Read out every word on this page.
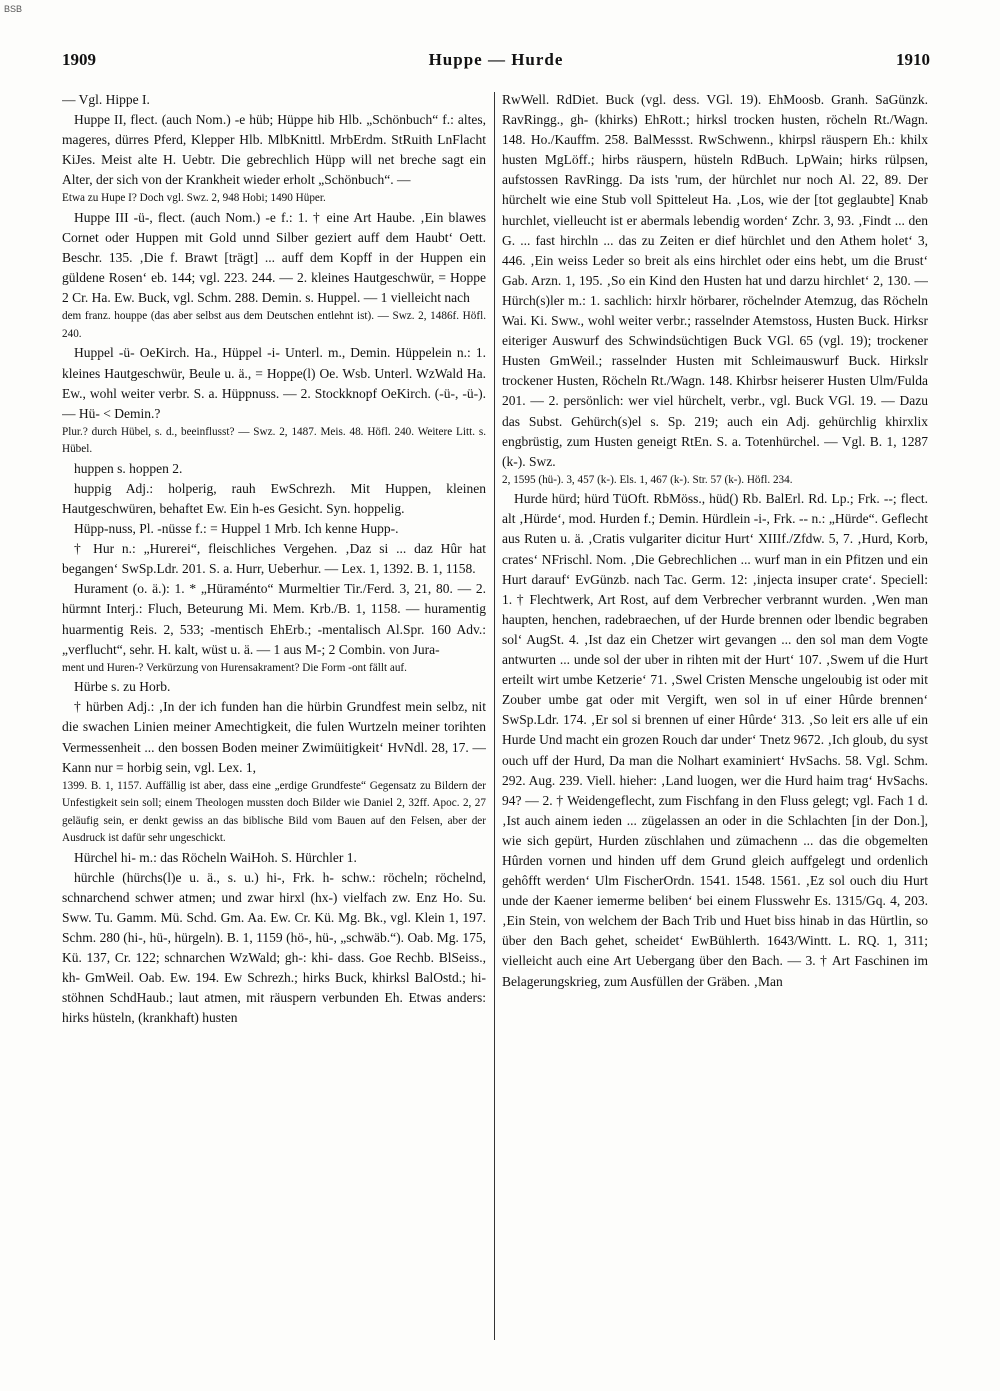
BSB
1909	Huppe — Hurde	1910

— Vgl. Hippe I.

Huppe II, flect. (auch Nom.) -e hüb; Hüppe hib Hlb. „Schönbuch“ f.: altes, mageres, dürres Pferd, Klepper Hlb. MlbKnittl. MrbErdm. StRuith LnFlacht KiJes. Meist alte H. Uebtr. Die gebrechlich Hüpp will net breche sagt ein Alter, der sich von der Krankheit wieder erholt „Schönbuch“. —

Etwa zu Hupe I? Doch vgl. Swz. 2, 948 Hobi; 1490 Hüper.

Huppe III -ü-, flect. (auch Nom.) -e f.: 1. † eine Art Haube. ‚Ein blawes Cornet oder Huppen mit Gold unnd Silber geziert auff dem Haubt‘ Oett. Beschr. 135. ‚Die f. Brawt [trägt] ... auff dem Kopff in der Huppen ein güldene Rosen‘ eb. 144; vgl. 223. 244. — 2. kleines Hautgeschwür, = Hoppe 2 Cr. Ha. Ew. Buck, vgl. Schm. 288. Demin. s. Huppel. — 1 vielleicht nach

dem franz. houppe (das aber selbst aus dem Deutschen entlehnt ist). — Swz. 2, 1486f. Höfl. 240.

Huppel -ü- OeKirch. Ha., Hüppel -i- Unterl. m., Demin. Hüppelein n.: 1. kleines Hautgeschwür, Beule u. ä., = Hoppe(l) Oe. Wsb. Unterl. WzWald Ha. Ew., wohl weiter verbr. S. a. Hüppnuss. — 2. Stockknopf OeKirch. (-ü-, -ü-). — Hü- < Demin.?

Plur.? durch Hübel, s. d., beeinflusst? — Swz. 2, 1487. Meis. 48. Höfl. 240. Weitere Litt. s. Hübel.

huppen s. hoppen 2.

huppig Adj.: holperig, rauh EwSchrezh. Mit Huppen, kleinen Hautgeschwüren, behaftet Ew. Ein h-es Gesicht. Syn. hoppelig.

Hüpp-nuss, Pl. -nüsse f.: = Huppel 1 Mrb. Ich kenne Hupp-.

† Hur n.: „Hurerei“, fleischliches Vergehen. ‚Daz si ... daz Hûr hat begangen‘ SwSp.Ldr. 201. S. a. Hurr, Ueberhur. — Lex. 1, 1392. B. 1, 1158.

Hurament (o. ä.): 1. * „Hüraménto“ Murmeltier Tir./Ferd. 3, 21, 80. — 2. hürmnt Interj.: Fluch, Beteurung Mi. Mem. Krb./B. 1, 1158. — huramentig huarmentig Reis. 2, 533; -mentisch EhErb.; -mentalisch Al.Spr. 160 Adv.: „verflucht“, sehr. H. kalt, wüst u. ä. — 1 aus M-; 2 Combin. von Jura-

ment und Huren-? Verkürzung von Hurensakrament? Die Form -ont fällt auf.

Hürbe s. zu Horb.

† hürben Adj.: ‚In der ich funden han die hürbin Grundfest mein selbz, nit die swachen Linien meiner Amechtigkeit, die fulen Wurtzeln meiner torihten Vermessenheit ... den bossen Boden meiner Zwimüitigkeit‘ HvNdl. 28, 17. — Kann nur = horbig sein, vgl. Lex. 1,

1399. B. 1, 1157. Auffällig ist aber, dass eine „erdige Grundfeste“ Gegensatz zu Bildern der Unfestigkeit sein soll; einem Theologen mussten doch Bilder wie Daniel 2, 32ff. Apoc. 2, 27 geläufig sein, er denkt gewiss an das biblische Bild vom Bauen auf den Felsen, aber der Ausdruck ist dafür sehr ungeschickt.

Hürchel hi- m.: das Röcheln WaiHoh. S. Hürchler 1.

hürchle (hürchs(l)e u. ä., s. u.) hi-, Frk. h- schw.: röcheln; röchelnd, schnarchend schwer atmen; und zwar hirxl (hx-) vielfach zw. Enz Ho. Su. Sww. Tu. Gamm. Mü. Schd. Gm. Aa. Ew. Cr. Kü. Mg. Bk., vgl. Klein 1, 197. Schm. 280 (hi-, hü-, hürgeln). B. 1, 1159 (hö-, hü-, „schwäb.“). Oab. Mg. 175, Kü. 137, Cr. 122; schnarchen WzWald; gh-: khi- dass. Goe Rechb. BlSeiss., kh- GmWeil. Oab. Ew. 194. Ew Schrezh.; hirks Buck, khirksl BalOstd.; hi- stöhnen SchdHaub.; laut atmen, mit räuspern verbunden Eh. Etwas anders: hirks hüsteln, (krankhaft) husten

RwWell. RdDiet. Buck (vgl. dess. VGl. 19). EhMoosb. Granh. SaGünzk. RavRingg., gh- (khirks) EhRott.; hirksl trocken husten, röcheln Rt./Wagn. 148. Ho./Kauffm. 258. BalMessst. RwSchwenn., khirpsl räuspern Eh.: khilx husten MgLöff.; hirbs räuspern, hüsteln RdBuch. LpWain; hirks rülpsen, aufstossen RavRingg. Da ists 'rum, der hürchlet nur noch Al. 22, 89. Der hürchelt wie eine Stub voll Spitteleut Ha. ‚Los, wie der [tot geglaubte] Knab hurchlet, vielleucht ist er abermals lebendig worden‘ Zchr. 3, 93. ‚Findt ... den G. ... fast hirchln ... das zu Zeiten er dief hürchlet und den Athem holet‘ 3, 446. ‚Ein weiss Leder so breit als eins hirchlet oder eins hebt, um die Brust‘ Gab. Arzn. 1, 195. ‚So ein Kind den Husten hat und darzu hirchlet‘ 2, 130. — Hürch(s)ler m.: 1. sachlich: hirxlr hörbarer, röchelnder Atemzug, das Röcheln Wai. Ki. Sww., wohl weiter verbr.; rasselnder Atemstoss, Husten Buck. Hirksr eiteriger Auswurf des Schwindsüchtigen Buck VGl. 65 (vgl. 19); trockener Husten GmWeil.; rasselnder Husten mit Schleimauswurf Buck. Hirkslr trockener Husten, Röcheln Rt./Wagn. 148. Khirbsr heiserer Husten Ulm/Fulda 201. — 2. persönlich: wer viel hürchelt, verbr., vgl. Buck VGl. 19. — Dazu das Subst. Gehürch(s)el s. Sp. 219; auch ein Adj. gehürchlig khirxlix engbrüstig, zum Husten geneigt RtEn. S. a. Totenhürchel. — Vgl. B. 1, 1287 (k-). Swz.

2, 1595 (hü-). 3, 457 (k-). Els. 1, 467 (k-). Str. 57 (k-). Höfl. 234.

Hurde hürd; hürd TüOft. RbMöss., hüd() Rb. BalErl. Rd. Lp.; Frk. --; flect. alt ‚Hürde‘, mod. Hurden f.; Demin. Hürdlein -i-, Frk. -- n.: „Hürde“. Geflecht aus Ruten u. ä. ‚Cratis vulgariter dicitur Hurt‘ XIIIf./Zfdw. 5, 7. ‚Hurd, Korb, crates‘ NFrischl. Nom. ‚Die Gebrechlichen ... wurf man in ein Pfitzen und ein Hurt darauf‘ EvGünzb. nach Tac. Germ. 12: ‚injecta insuper crate‘. Speciell: 1. † Flechtwerk, Art Rost, auf dem Verbrecher verbrannt wurden. ‚Wen man haupten, henchen, radebraechen, uf der Hurde brennen oder lbendic begraben sol‘ AugSt. 4. ‚Ist daz ein Chetzer wirt gevangen ... den sol man dem Vogte antwurten ... unde sol der uber in rihten mit der Hurt‘ 107. ‚Swem uf die Hurt erteilt wirt umbe Ketzerie‘ 71. ‚Swel Cristen Mensche ungeloubig ist oder mit Zouber umbe gat oder mit Vergift, wen sol in uf einer Hûrde brennen‘ SwSp.Ldr. 174. ‚Er sol si brennen uf einer Hûrde‘ 313. ‚So leit ers alle uf ein Hurde Und macht ein grozen Rouch dar under‘ Tnetz 9672. ‚Ich gloub, du syst ouch uff der Hurd, Da man die Nolhart examiniert‘ HvSachs. 58. Vgl. Schm. 292. Aug. 239. Viell. hieher: ‚Land luogen, wer die Hurd haim trag‘ HvSachs. 94? — 2. † Weidengeflecht, zum Fischfang in den Fluss gelegt; vgl. Fach 1 d. ‚Ist auch ainem ieden ... zügelassen an oder in die Schlachten [in der Don.], wie sich gepürt, Hurden züschlahen und zümachenn ... das die obgemelten Hûrden vornen und hinden uff dem Grund gleich auffgelegt und ordenlich gehôfft werden‘ Ulm FischerOrdn. 1541. 1548. 1561. ‚Ez sol ouch diu Hurt unde der Kaener iemerme beliben‘ bei einem Flusswehr Es. 1315/Gq. 4, 203. ‚Ein Stein, von welchem der Bach Trib und Huet biss hinab in das Hürtlin, so über den Bach gehet, scheidet‘ EwBühlerth. 1643/Wintt. L. RQ. 1, 311; vielleicht auch eine Art Uebergang über den Bach. — 3. † Art Faschinen im Belagerungskrieg, zum Ausfüllen der Gräben. ‚Man
